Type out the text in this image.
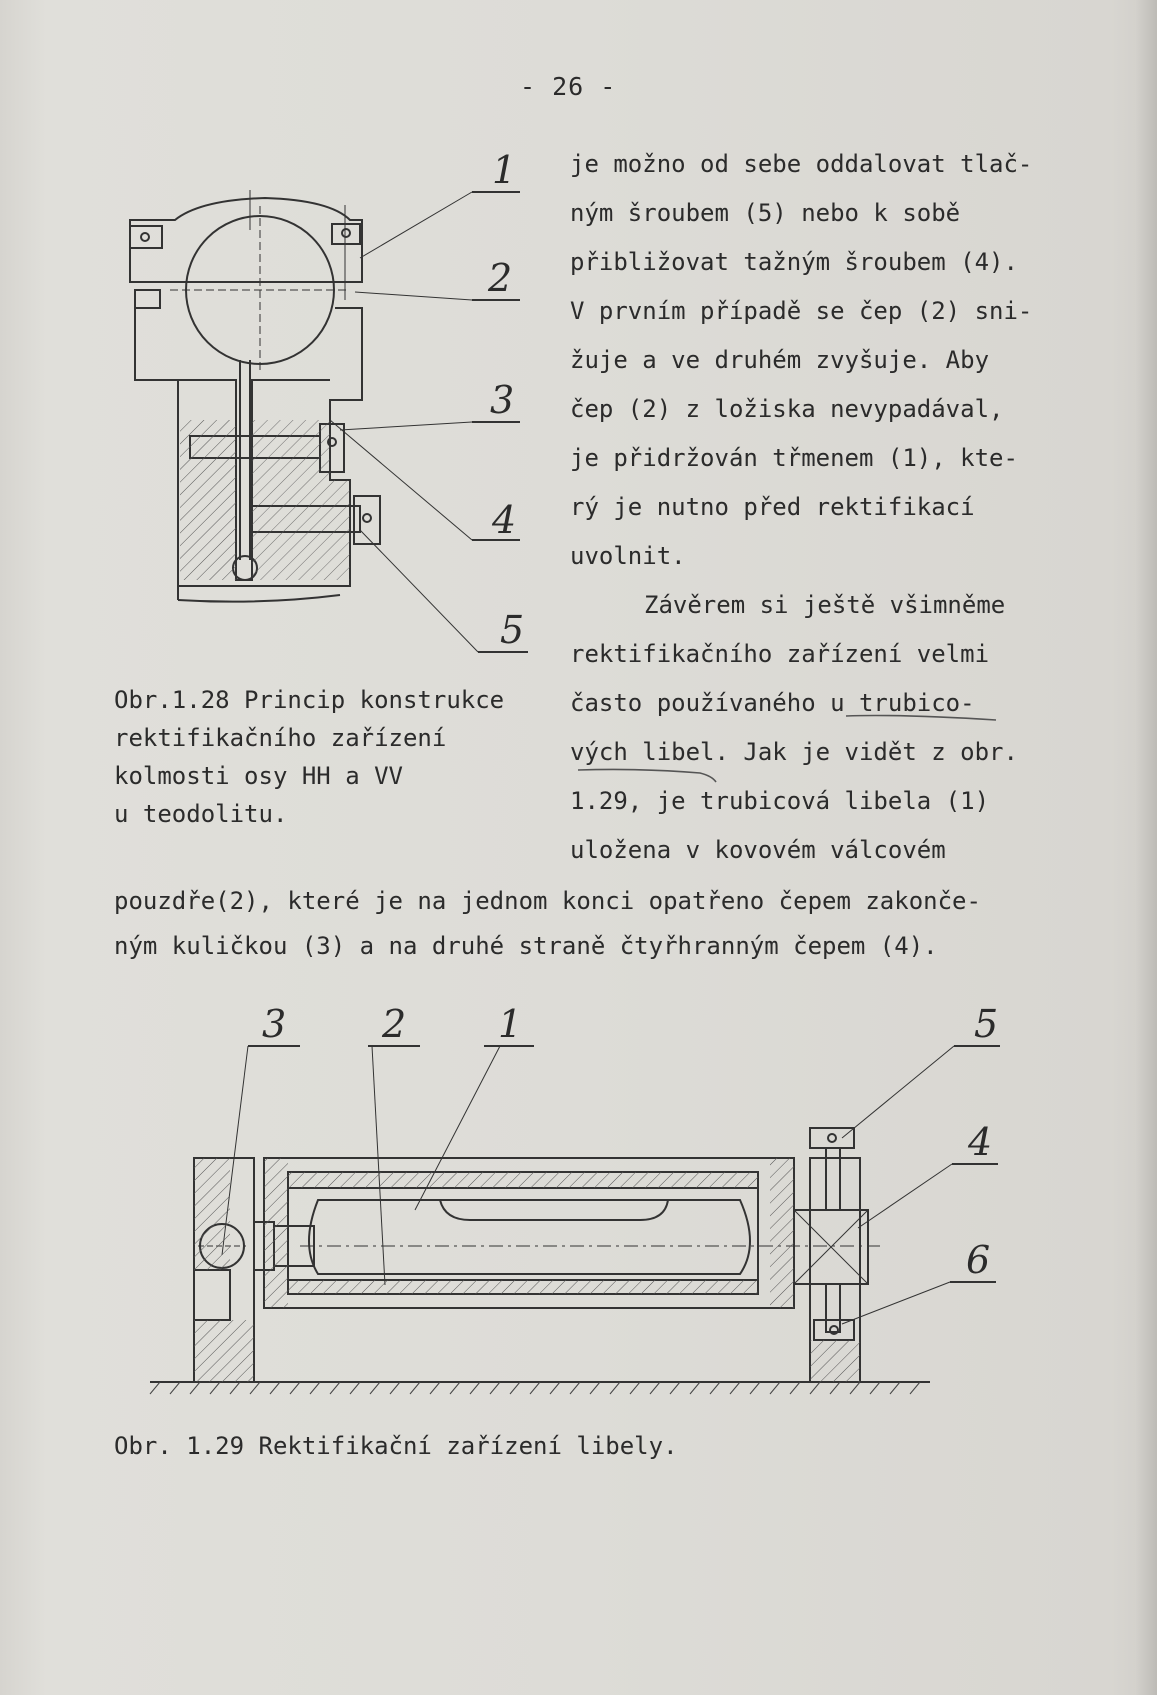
- 26 -
je možno od sebe oddalovat tlač-
ným šroubem (5) nebo k sobě
přibližovat tažným šroubem (4).
V prvním případě se čep (2) sni-
žuje a ve druhém zvyšuje. Aby
čep (2) z ložiska nevypadával,
je přidržován třmenem (1), kte-
rý je nutno před rektifikací
uvolnit.
Závěrem si ještě všimněme
rektifikačního zařízení velmi
často používaného u trubico-
vých libel. Jak je vidět z obr.
1.29, je trubicová libela (1)
uložena v kovovém válcovém
pouzdře(2), které je na jednom konci opatřeno čepem zakonče-
ným kuličkou (3) a na druhé straně čtyřhranným čepem (4).
Obr.1.28 Princip konstrukce
rektifikačního zařízení
kolmosti osy HH a VV
u teodolitu.
1
2
3
4
5
3	2 1	5
4
6
Obr. 1.29 Rektifikační zařízení libely.
